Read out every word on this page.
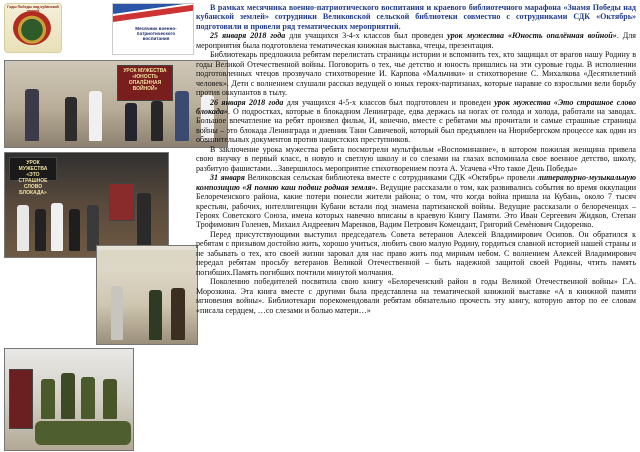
Годы Победы над кубанской
Месячник военно-патриотического воспитания
УРОК МУЖЕСТВА «ЮНОСТЬ ОПАЛЁННАЯ ВОЙНОЙ»
УРОК МУЖЕСТВА «ЭТО СТРАШНОЕ СЛОВО БЛОКАДА»

В рамках месячника военно-патриотического воспитания и краевого библиотечного марафона «Знамя Победы над кубанской землей» сотрудники Великовской сельской библиотеки совместно с сотрудниками СДК «Октябрь» подготовили и провели ряд тематических мероприятий.

25 января 2018 года для учащихся 3-4-х классов был проведен урок мужества «Юность опалённая войной». Для мероприятия была подготовлена тематическая книжная выставка, чтецы, презентация.

Библиотекарь предложила ребятам перелистать страницы истории и вспомнить тех, кто защищал от врагов нашу Родину в годы Великой Отечественной войны. Поговорить о тех, чье детство и юность пришлись на эти суровые годы. В исполнении подготовленных чтецов прозвучало стихотворение И. Карпова «Мальчики» и стихотворение С. Михалкова «Десятилетний человек». Дети с волнением слушали рассказ ведущей о юных героях-партизанах, которые наравне со взрослыми вели борьбу против оккупантов в тылу.

26 января 2018 года для учащихся 4-5-х классов был подготовлен и проведен урок мужества «Это страшное слово блокада». О подростках, которые в блокадном Ленинграде, едва держась на ногах от голода и холода, работали на заводах. Большое впечатление на ребят произвел фильм, И, конечно, вместе с ребятами мы прочитали и самые страшные страницы войны – это блокада Ленинграда и дневник Тани Савичевой, который был предъявлен на Нюрнбергском процессе как один из обвинительных документов против нацистских преступников.

В заключение урока мужества ребята посмотрели мультфильм «Воспоминание», в котором пожилая женщина привела свою внучку в первый класс, в новую и светлую школу и со слезами на глазах вспоминала свое военное детство, школу, разбитую фашистами…Завершилось мероприятие стихотворением поэта А. Усачева «Что такое День Победы»

31 января Великовская сельская библиотека вместе с сотрудниками СДК «Октябрь» провели литературно-музыкальную композицию «Я помню каш подвиг родная земля». Ведущие рассказали о том, как развивались события во время оккупации Белореченского района, какие потери понесли жители района; о том, что когда война пришла на Кубань, около 7 тысяч крестьян, рабочих, интеллигенции Кубани встали под знамена партизанской войны. Ведущие рассказали о белореченцах – Героях Советского Союза, имена которых навечно вписаны в краевую Книгу Памяти. Это Иван Сергеевич Жидков, Степан Трофимович Голенев, Михаил Андреевич Маренков, Вадим Петрович Комендант, Григорий Семёнович Сидоренко.

Перед присутствующими выступил председатель Совета ветеранов Алексей Владимирович Осипов. Он обратился к ребятам с призывом достойно жить, хорошо учиться, любить свою малую Родину, гордиться славной историей нашей страны и не забывать о тех, кто своей жизни заровал для нас право жить под мирным небом. С волнением Алексей Владимирович передал ребятам просьбу ветеранов Великой Отечественной – быть надежной защитой своей Родины, чтить память погибших.Память погибших почтили минутой молчания.

Поколению победителей посвятила свою книгу «Белореченский район в годы Великой Отечественной войны» Г.А. Морозкина. Эта книга вместе с другими была представлена на тематической книжной выставке «А в книжной памяти мгновения войны». Библиотекари порекомендовали ребятам обязательно прочесть эту книгу, которую автор по ее словам «писала сердцем, …со слезами и болью матери…»
